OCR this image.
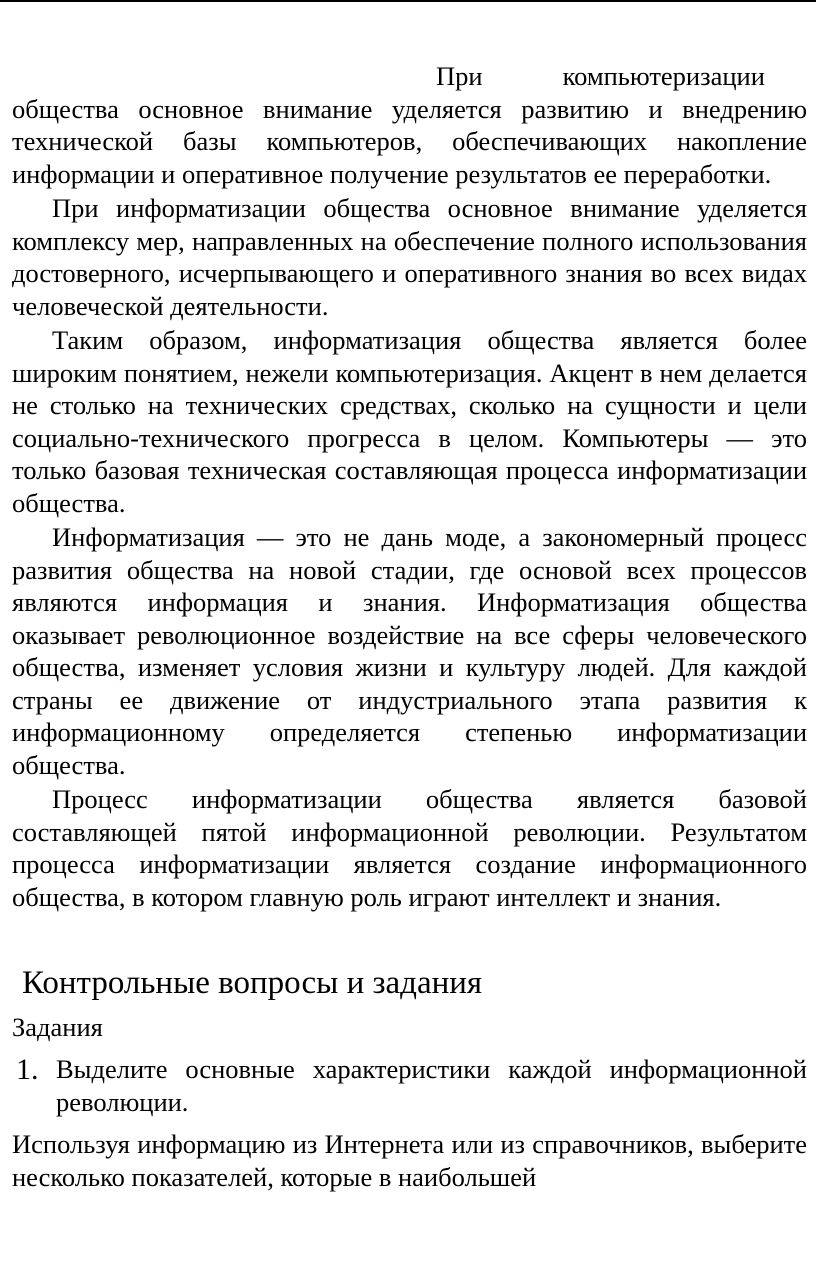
При	компьютеризации общества основное внимание уделяется развитию и внедрению технической базы компьютеров, обеспечивающих накопление информации и оперативное получение результатов ее переработки.

При информатизации общества основное внимание уделяется комплексу мер, направленных на обеспечение полного использования достоверного, исчерпывающего и оперативного знания во всех видах человеческой деятельности.

Таким образом, информатизация общества является более широким понятием, нежели компьютеризация. Акцент в нем делается не столько на технических средствах, сколько на сущности и цели социально-технического прогресса в целом. Компьютеры — это только базовая техническая составляющая процесса информатизации общества.

Информатизация — это не дань моде, а закономерный процесс развития общества на новой стадии, где основой всех процессов являются информация и знания. Информатизация общества оказывает революционное воздействие на все сферы человеческого общества, изменяет условия жизни и культуру людей. Для каждой страны ее движение от индустриального этапа развития к информационному определяется степенью информатизации общества.

Процесс информатизации общества является базовой составляющей пятой информационной революции. Результатом процесса информатизации является создание информационного общества, в котором главную роль играют интеллект и знания.

Контрольные вопросы и задания
Задания
1. Выделите основные характеристики каждой информационной революции.

Используя информацию из Интернета или из справочников, выберите несколько показателей, которые в наибольшей
